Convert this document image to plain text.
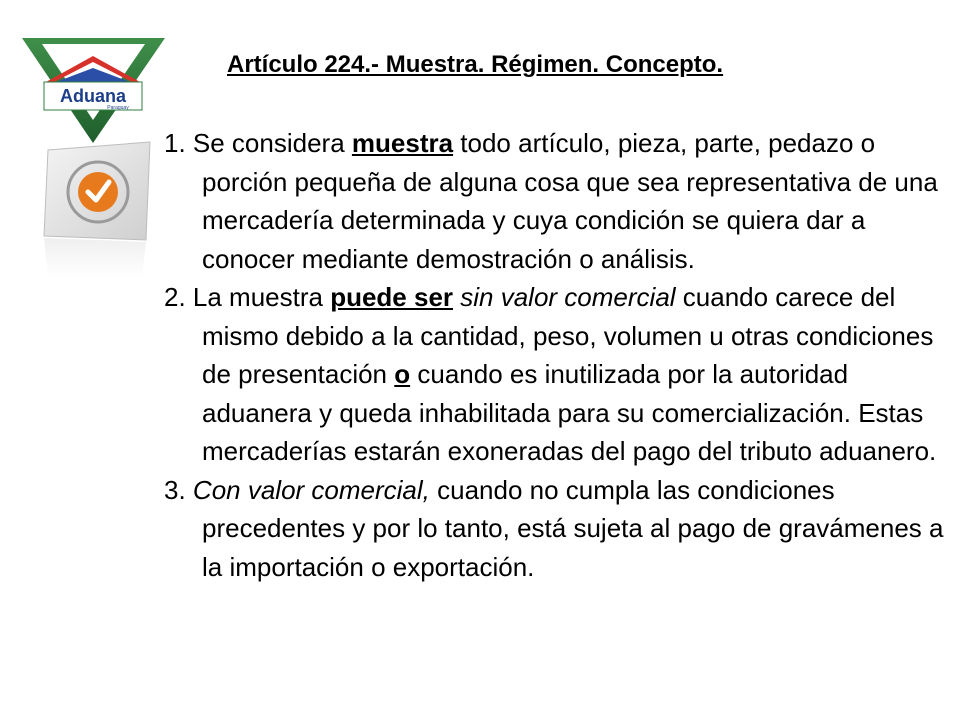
Aduana
Paraguay
Artículo 224.- Muestra. Régimen. Concepto.

1. Se considera muestra todo artículo, pieza, parte, pedazo o porción pequeña de alguna cosa que sea representativa de una mercadería determinada y cuya condición se quiera dar a conocer mediante demostración o análisis.

2. La muestra puede ser sin valor comercial cuando carece del mismo debido a la cantidad, peso, volumen u otras condiciones de presentación o cuando es inutilizada por la autoridad aduanera y queda inhabilitada para su comercialización. Estas mercaderías estarán exoneradas del pago del tributo aduanero.

3. Con valor comercial, cuando no cumpla las condiciones precedentes y por lo tanto, está sujeta al pago de gravámenes a la importación o exportación.
